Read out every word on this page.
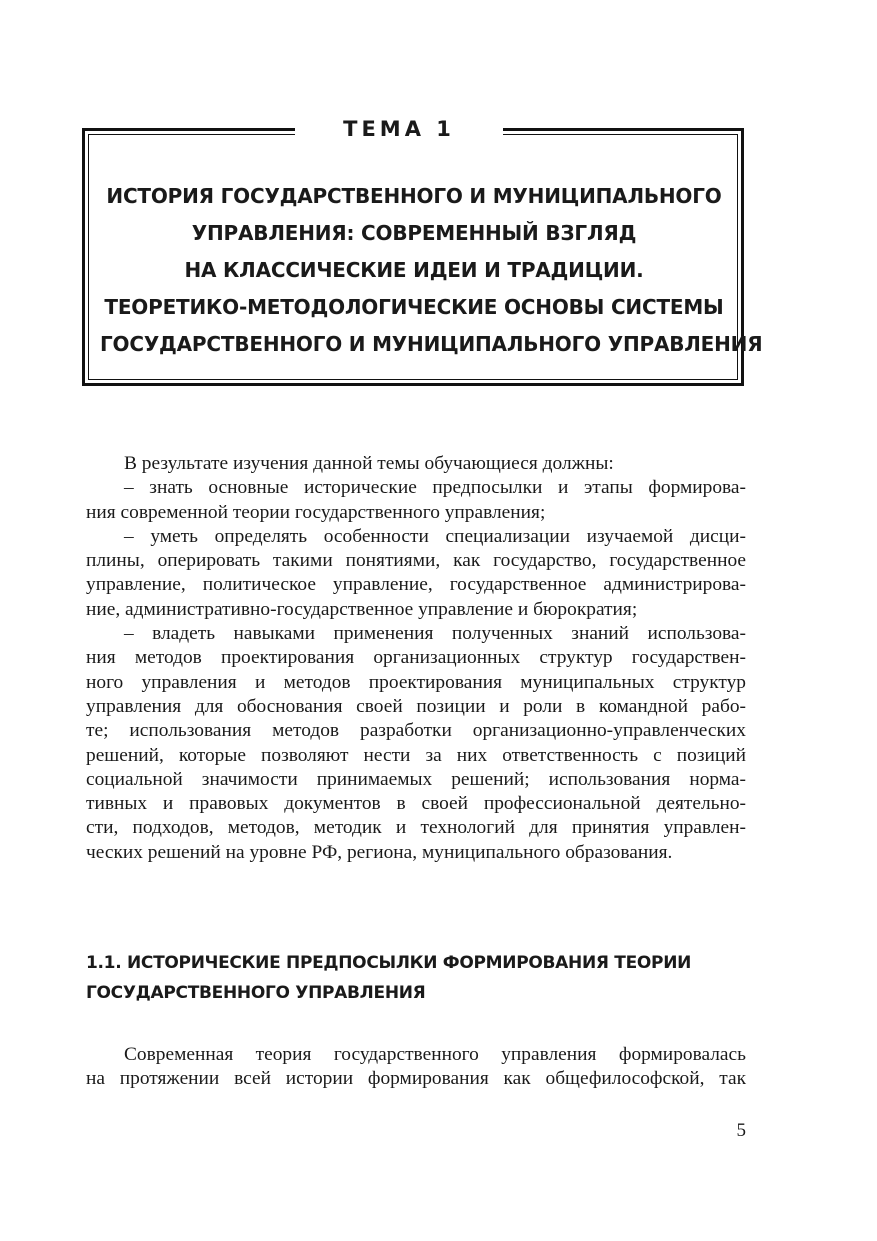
ТЕМА 1
ИСТОРИЯ ГОСУДАРСТВЕННОГО И МУНИЦИПАЛЬНОГО
УПРАВЛЕНИЯ: СОВРЕМЕННЫЙ ВЗГЛЯД
НА КЛАССИЧЕСКИЕ ИДЕИ И ТРАДИЦИИ.
ТЕОРЕТИКО-МЕТОДОЛОГИЧЕСКИЕ ОСНОВЫ СИСТЕМЫ
ГОСУДАРСТВЕННОГО И МУНИЦИПАЛЬНОГО УПРАВЛЕНИЯ
В результате изучения данной темы обучающиеся должны:
– знать основные исторические предпосылки и этапы формирова-
ния современной теории государственного управления;
– уметь определять особенности специализации изучаемой дисци-
плины, оперировать такими понятиями, как государство, государственное
управление, политическое управление, государственное администрирова-
ние, административно-государственное управление и бюрократия;
– владеть навыками применения полученных знаний использова-
ния методов проектирования организационных структур государствен-
ного управления и методов проектирования муниципальных структур
управления для обоснования своей позиции и роли в командной рабо-
те; использования методов разработки организационно-управленческих
решений, которые позволяют нести за них ответственность с позиций
социальной значимости принимаемых решений; использования норма-
тивных и правовых документов в своей профессиональной деятельно-
сти, подходов, методов, методик и технологий для принятия управлен-
ческих решений на уровне РФ, региона, муниципального образования.
1.1. ИСТОРИЧЕСКИЕ ПРЕДПОСЫЛКИ ФОРМИРОВАНИЯ ТЕОРИИ
ГОСУДАРСТВЕННОГО УПРАВЛЕНИЯ
Современная теория государственного управления формировалась
на протяжении всей истории формирования как общефилософской, так
5
